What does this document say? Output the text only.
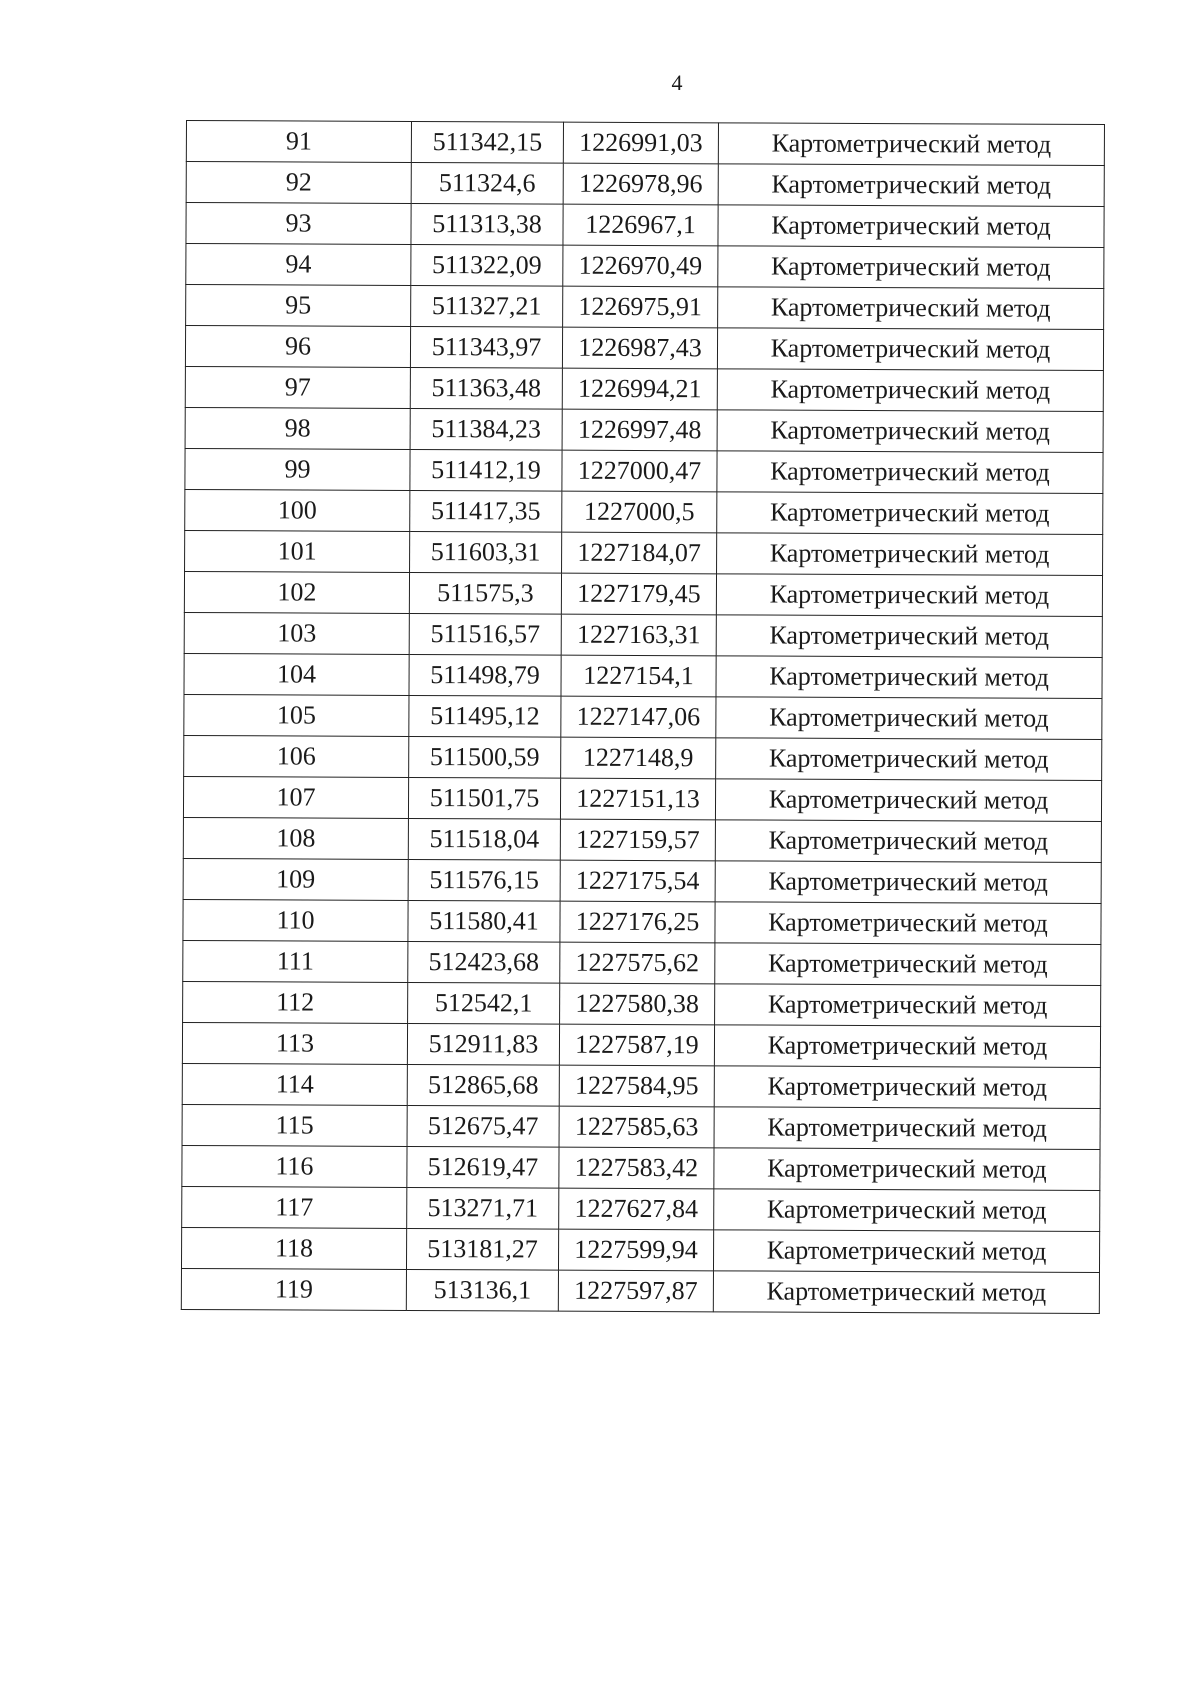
4
91	511342,15	1226991,03	Картометрический метод
92	511324,6	1226978,96	Картометрический метод
93	511313,38	1226967,1	Картометрический метод
94	511322,09	1226970,49	Картометрический метод
95	511327,21	1226975,91	Картометрический метод
96	511343,97	1226987,43	Картометрический метод
97	511363,48	1226994,21	Картометрический метод
98	511384,23	1226997,48	Картометрический метод
99	511412,19	1227000,47	Картометрический метод
100	511417,35	1227000,5	Картометрический метод
101	511603,31	1227184,07	Картометрический метод
102	511575,3	1227179,45	Картометрический метод
103	511516,57	1227163,31	Картометрический метод
104	511498,79	1227154,1	Картометрический метод
105	511495,12	1227147,06	Картометрический метод
106	511500,59	1227148,9	Картометрический метод
107	511501,75	1227151,13	Картометрический метод
108	511518,04	1227159,57	Картометрический метод
109	511576,15	1227175,54	Картометрический метод
110	511580,41	1227176,25	Картометрический метод
111	512423,68	1227575,62	Картометрический метод
112	512542,1	1227580,38	Картометрический метод
113	512911,83	1227587,19	Картометрический метод
114	512865,68	1227584,95	Картометрический метод
115	512675,47	1227585,63	Картометрический метод
116	512619,47	1227583,42	Картометрический метод
117	513271,71	1227627,84	Картометрический метод
118	513181,27	1227599,94	Картометрический метод
119	513136,1	1227597,87	Картометрический метод
